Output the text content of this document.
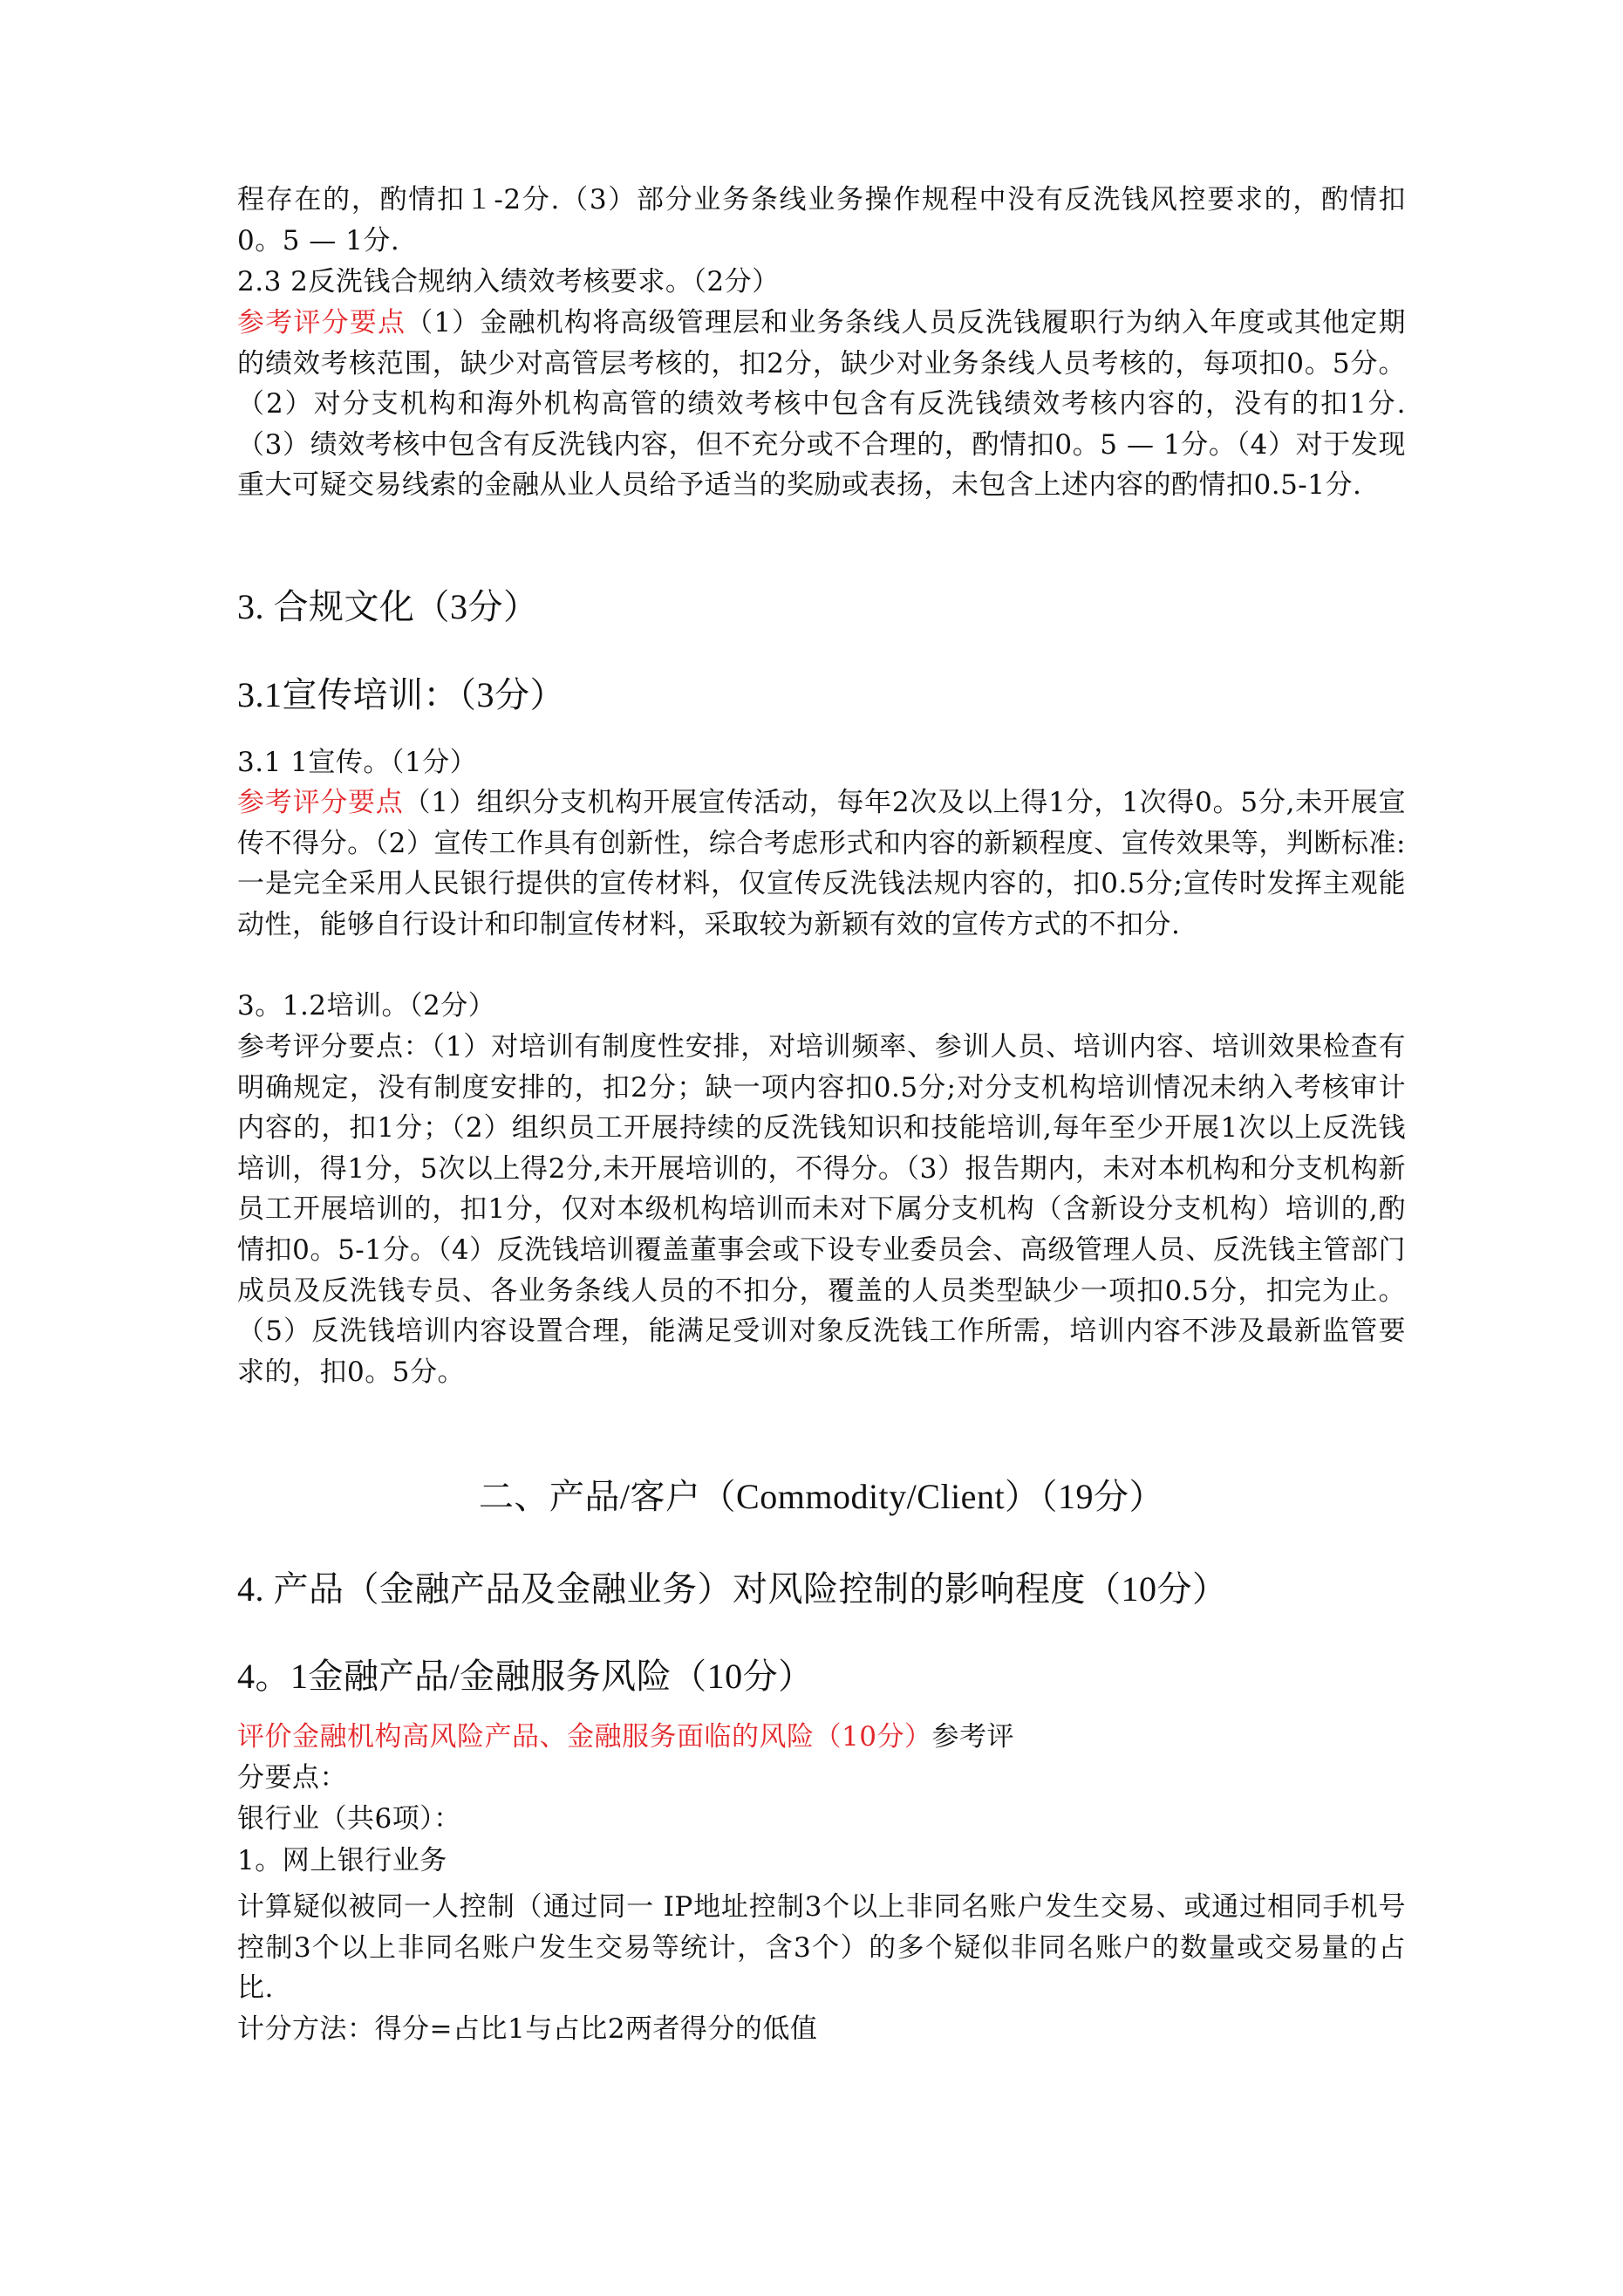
程存在的，酌情扣１-2分.（3）部分业务条线业务操作规程中没有反洗钱风控要求的，酌情扣0。5 — 1分.

2.3 2反洗钱合规纳入绩效考核要求。（2分）

参考评分要点（1）金融机构将高级管理层和业务条线人员反洗钱履职行为纳入年度或其他定期的绩效考核范围，缺少对高管层考核的，扣2分，缺少对业务条线人员考核的，每项扣0。5分。（2）对分支机构和海外机构高管的绩效考核中包含有反洗钱绩效考核内容的，没有的扣1分.（3）绩效考核中包含有反洗钱内容，但不充分或不合理的，酌情扣0。5 — 1分。（4）对于发现重大可疑交易线索的金融从业人员给予适当的奖励或表扬，未包含上述内容的酌情扣0.5-1分.

3. 合规文化（3分）

3.1宣传培训：（3分）

3.1 1宣传。（1分）

参考评分要点（1）组织分支机构开展宣传活动，每年2次及以上得1分，1次得0。5分,未开展宣传不得分。（2）宣传工作具有创新性，综合考虑形式和内容的新颖程度、宣传效果等，判断标准:一是完全采用人民银行提供的宣传材料，仅宣传反洗钱法规内容的，扣0.5分;宣传时发挥主观能动性，能够自行设计和印制宣传材料，采取较为新颖有效的宣传方式的不扣分.

3。1.2培训。（2分）

参考评分要点：（1）对培训有制度性安排，对培训频率、参训人员、培训内容、培训效果检查有明确规定，没有制度安排的，扣2分；缺一项内容扣0.5分;对分支机构培训情况未纳入考核审计内容的，扣1分；（2）组织员工开展持续的反洗钱知识和技能培训,每年至少开展1次以上反洗钱培训，得1分，5次以上得2分,未开展培训的，不得分。（3）报告期内，未对本机构和分支机构新员工开展培训的，扣1分，仅对本级机构培训而未对下属分支机构（含新设分支机构）培训的,酌情扣0。5-1分。（4）反洗钱培训覆盖董事会或下设专业委员会、高级管理人员、反洗钱主管部门成员及反洗钱专员、各业务条线人员的不扣分，覆盖的人员类型缺少一项扣0.5分，扣完为止。（5）反洗钱培训内容设置合理，能满足受训对象反洗钱工作所需，培训内容不涉及最新监管要求的，扣0。5分。

二、产品/客户（Commodity/Client）（19分）

4. 产品（金融产品及金融业务）对风险控制的影响程度（10分）

4。1金融产品/金融服务风险（10分）

评价金融机构高风险产品、金融服务面临的风险（10分）参考评

分要点：

银行业（共6项）：

1。网上银行业务

计算疑似被同一人控制（通过同一 IP地址控制3个以上非同名账户发生交易、或通过相同手机号控制3个以上非同名账户发生交易等统计，含3个）的多个疑似非同名账户的数量或交易量的占比.

计分方法：得分=占比1与占比2两者得分的低值
